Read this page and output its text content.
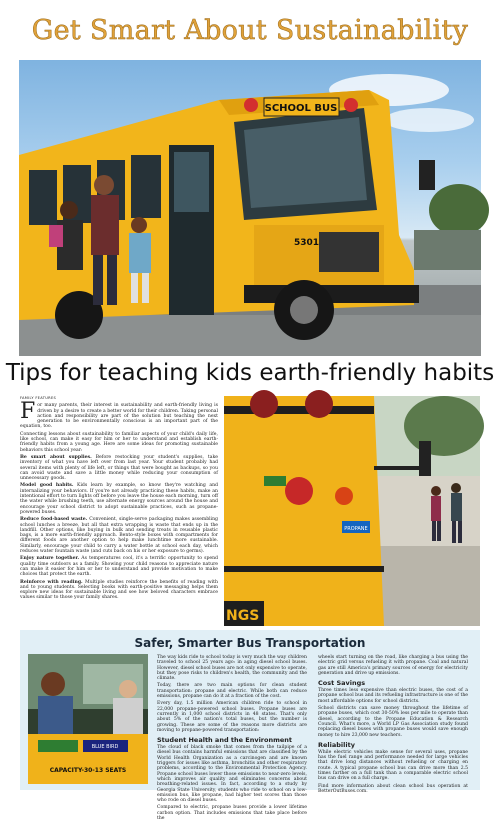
Get Smart About Sustainability
SCHOOL BUS
5301
Tips for teaching kids earth-friendly habits
FAMILY FEATURES

For many parents, their interest in sustainability and earth-friendly living is driven by a desire to create a better world for their children. Taking personal action and responsibility are part of the solution but teaching the next generation to be environmentally conscious is an important part of the equation, too.

Connecting lessons about sustainability to familiar aspects of your child's daily life, like school, can make it easy for him or her to understand and establish earth-friendly habits from a young age. Here are some ideas for promoting sustainable behaviors this school year:

Be smart about supplies. Before restocking your student's supplies, take inventory of what you have left over from last year. Your student probably had several items with plenty of life left, or things that were bought as backups, so you can avoid waste and save a little money while reducing your consumption of unnecessary goods.

Model good habits. Kids learn by example, so know they're watching and internalizing your behaviors. If you're not already practicing these habits, make an intentional effort to turn lights off before you leave the house each morning, turn off the water while brushing teeth, use alternate energy sources around the house and encourage your school district to adopt sustainable practices, such as propane-powered buses.

Reduce food-based waste. Convenient, single-serve packaging makes assembling school lunches a breeze, but all that extra wrapping is waste that ends up in the landfill. Other options, like buying in bulk and sending treats in reusable plastic bags, is a more earth-friendly approach. Bento-style boxes with compartments for different foods are another option to help make lunchtime more sustainable. Similarly, encourage your child to carry a water bottle at school each day, which reduces water fountain waste (and cuts back on his or her exposure to germs).

Enjoy nature together. As temperatures cool, it's a terrific opportunity to spend quality time outdoors as a family. Showing your child reasons to appreciate nature can make it easier for him or her to understand and provide motivation to make choices that protect the earth.

Reinforce with reading. Multiple studies reinforce the benefits of reading with and to young students. Selecting books with earth-positive messaging helps them explore new ideas for sustainable living and see how beloved characters embrace values similar to those your family shares.

PROPANE
NGS
Safer, Smarter Bus Transportation
BLUE BIRD
CAPACITY-30-13 SEATS

The way kids ride to school today is very much the way children traveled to school 25 years ago: in aging diesel school buses. However, diesel school buses are not only expensive to operate, but they pose risks to children's health, the community and the climate.

Today, there are two main options for clean student transportation: propane and electric. While both can reduce emissions, propane can do it at a fraction of the cost.

Every day, 1.5 million American children ride to school in 22,000 propane-powered school buses. Propane buses are currently in 1,000 school districts in 48 states. That's only about 5% of the nation's total buses, but the number is growing. These are some of the reasons more districts are moving to propane-powered transportation:

Student Health and the Environment

The cloud of black smoke that comes from the tailpipe of a diesel bus contains harmful emissions that are classified by the World Health Organization as a carcinogen and are known triggers for issues like asthma, bronchitis and other respiratory problems, according to the Environmental Protection Agency. Propane school buses lower those emissions to near-zero levels, which improves air quality and eliminates concerns about breathing-related issues. In fact, according to a study by Georgia State University, students who ride to school on a low-emission bus, like propane, had higher test scores than those who rode on diesel buses.

Compared to electric, propane buses provide a lower lifetime carbon option. That includes emissions that take place before the

wheels start turning on the road, like charging a bus using the electric grid versus refueling it with propane. Coal and natural gas are still America's primary sources of energy for electricity generation and drive up emissions.

Cost Savings

Three times less expensive than electric buses, the cost of a propane school bus and its refueling infrastructure is one of the most affordable options for school districts.

School districts can save money throughout the lifetime of propane buses, which cost 30-50% less per mile to operate than diesel, according to the Propane Education & Research Council. What's more, a World LP Gas Association study found replacing diesel buses with propane buses would save enough money to hire 23,000 new teachers.

Reliability

While electric vehicles make sense for several uses, propane has the fuel range and performance needed for large vehicles that drive long distances without refueling or charging en route. A typical propane school bus can drive more than 2.5 times farther on a full tank than a comparable electric school bus can drive on a full charge.

Find more information about clean school bus operation at BetterOutBuses.com.
